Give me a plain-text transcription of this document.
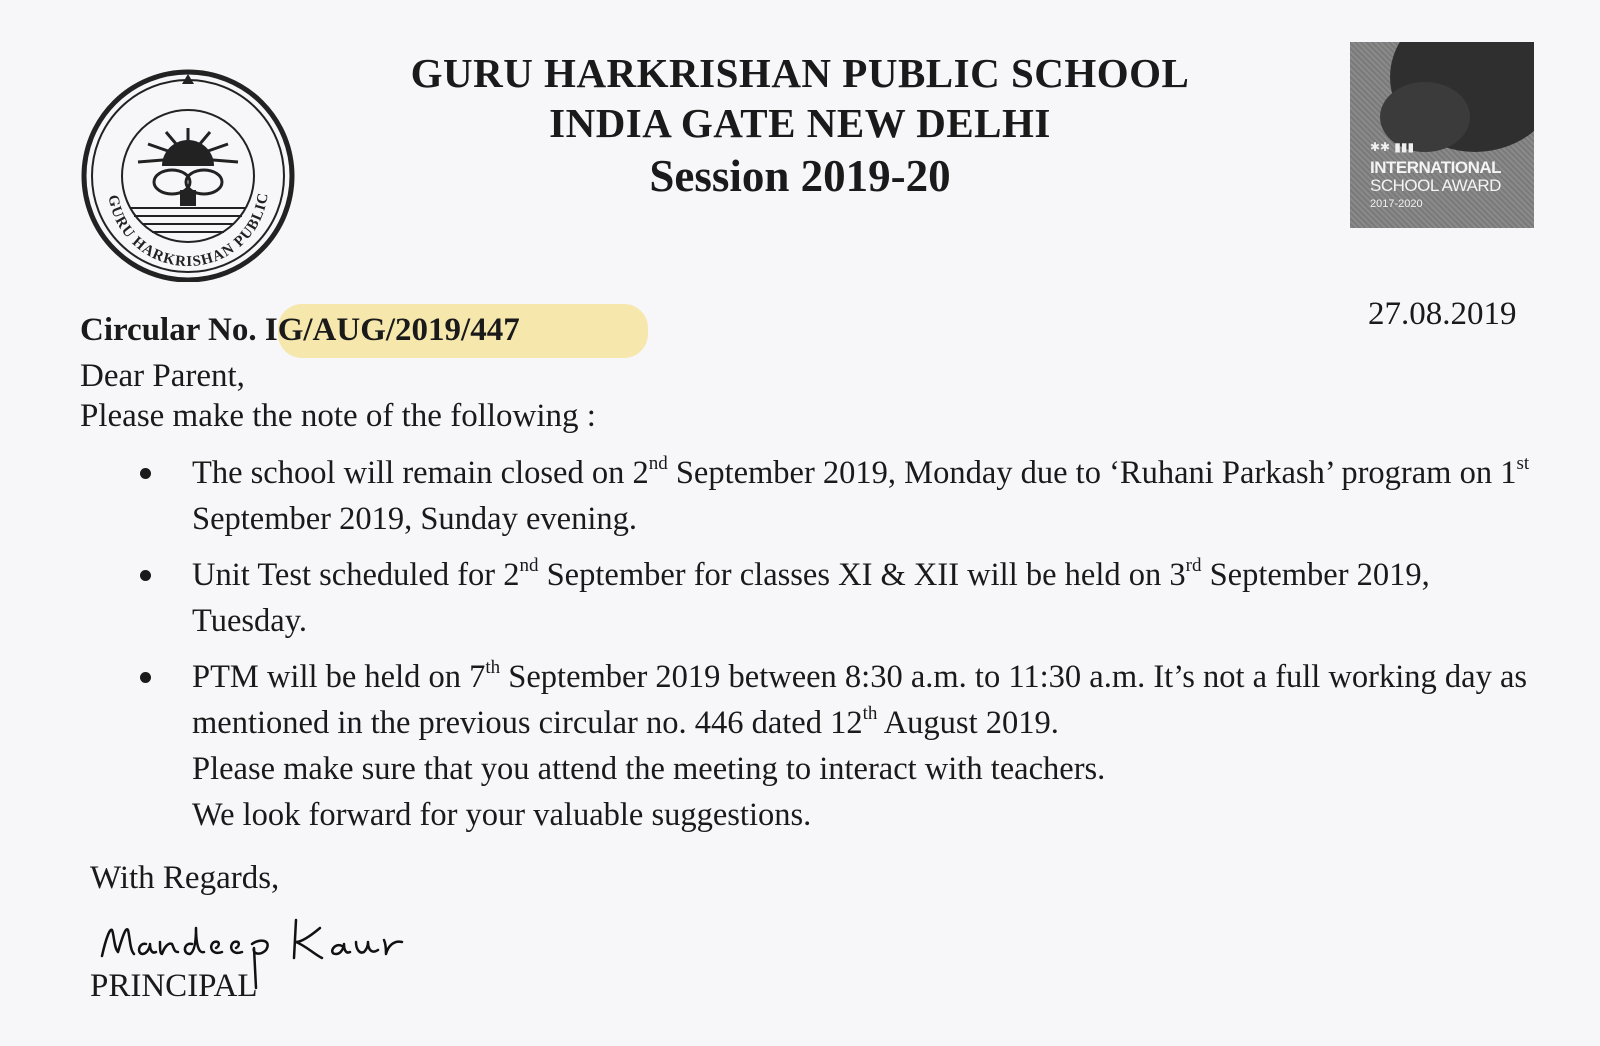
GURU HARKRISHAN PUBLIC
GURU HARKRISHAN PUBLIC SCHOOL
INDIA GATE NEW DELHI
Session 2019-20
✱✱ ▮▮▮
INTERNATIONAL
SCHOOL AWARD
2017-2020
27.08.2019
Circular No. IG/AUG/2019/447
Dear Parent,
Please make the note of the following :
The school will remain closed on 2nd September 2019, Monday due to ‘Ruhani Parkash’ program on 1st September 2019, Sunday evening.
Unit Test scheduled for 2nd September for classes XI & XII will be held on 3rd September 2019, Tuesday.
PTM will be held on 7th September 2019 between 8:30 a.m. to 11:30 a.m. It’s not a full working day as mentioned in the previous circular no. 446 dated 12th August 2019.
Please make sure that you attend the meeting to interact with teachers.
We look forward for your valuable suggestions.
With Regards,
PRINCIPAL
